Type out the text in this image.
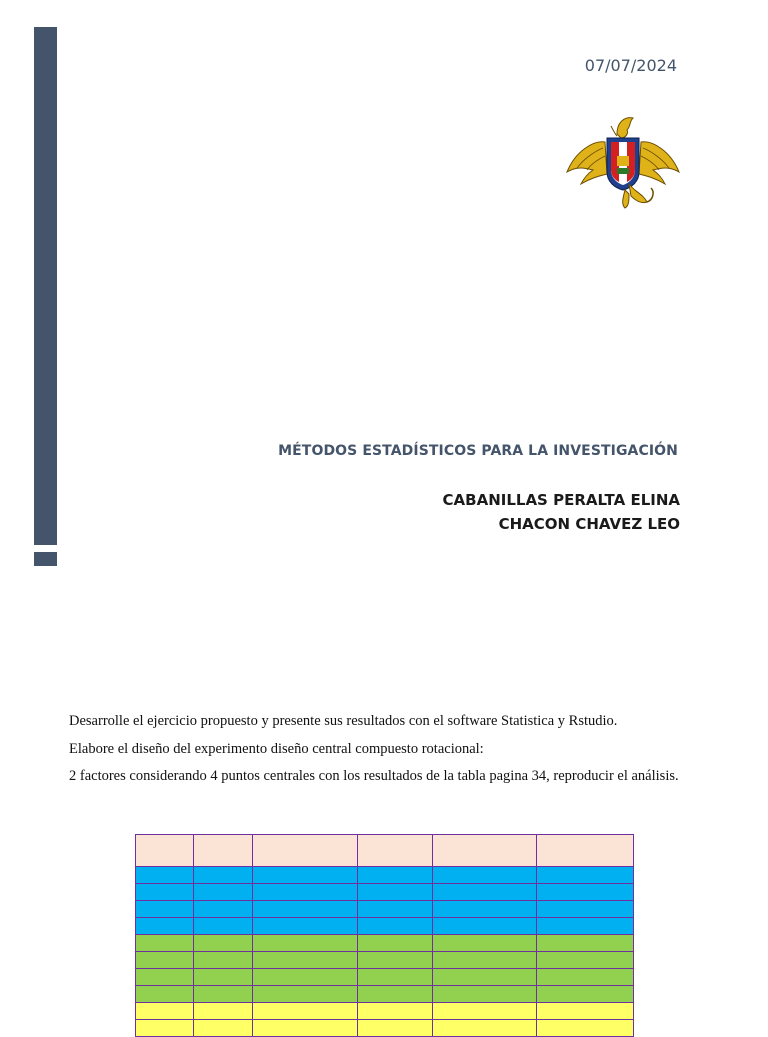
07/07/2024
MÉTODOS ESTADÍSTICOS PARA LA INVESTIGACIÓN
CABANILLAS PERALTA ELINA
CHACON CHAVEZ LEO

Desarrolle el ejercicio propuesto y presente sus resultados con el software Statistica y Rstudio.

Elabore el diseño del experimento diseño central compuesto rotacional:

2 factores considerando 4 puntos centrales con los resultados de la tabla pagina 34, reproducir el análisis.
